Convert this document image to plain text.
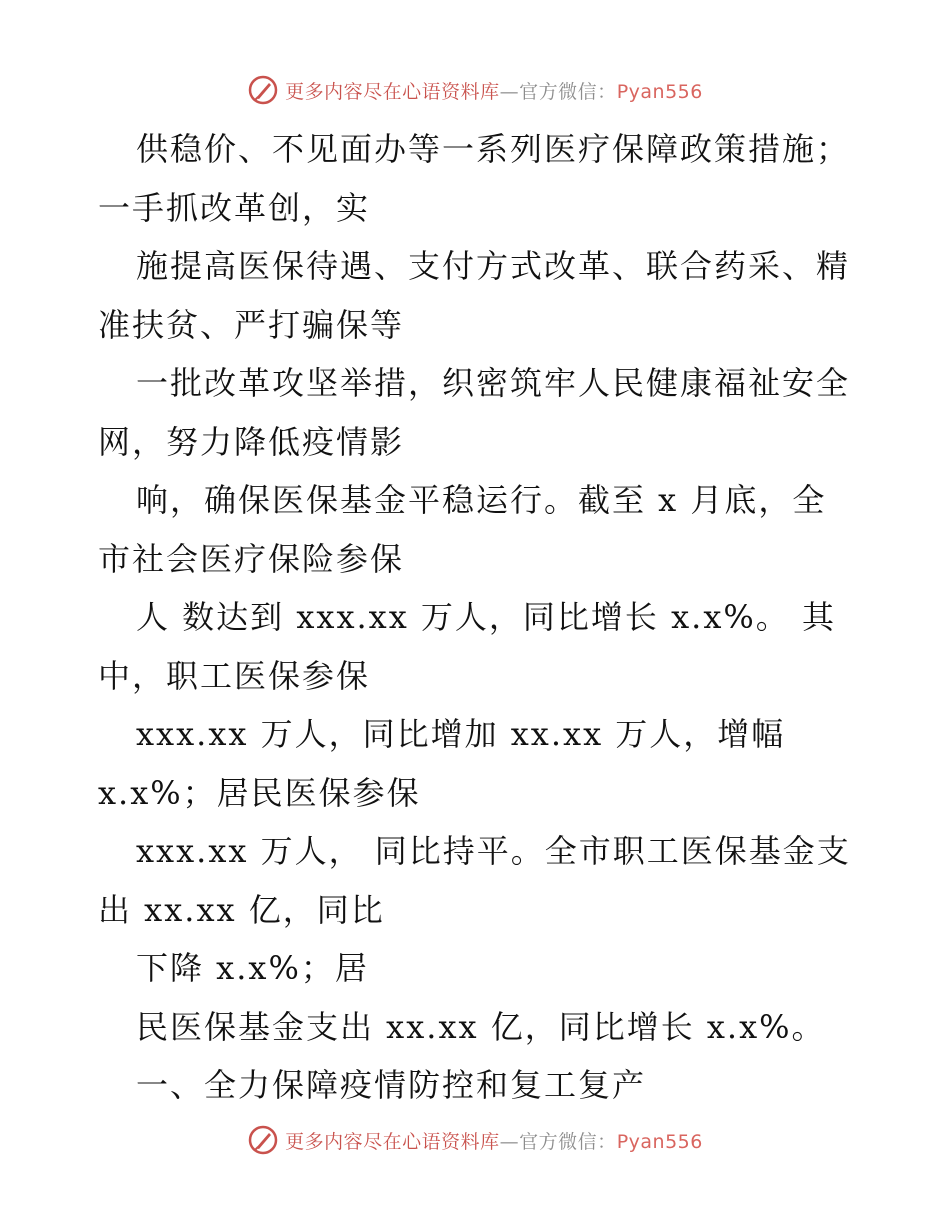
更多内容尽在心语资料库—官方微信：Pyan556
供稳价、不见面办等一系列医疗保障政策措施；
一手抓改革创，实
施提高医保待遇、支付方式改革、联合药采、精
准扶贫、严打骗保等
一批改革攻坚举措，织密筑牢人民健康福祉安全
网，努力降低疫情影
响，确保医保基金平稳运行。截至 x 月底，全
市社会医疗保险参保
人 数达到 xxx.xx 万人，同比增长 x.x%。 其
中，职工医保参保
xxx.xx 万人，同比增加 xx.xx 万人，增幅
x.x%；居民医保参保
xxx.xx 万人， 同比持平。全市职工医保基金支
出 xx.xx 亿，同比
下降 x.x%；居
民医保基金支出 xx.xx 亿，同比增长 x.x%。
一、全力保障疫情防控和复工复产
更多内容尽在心语资料库—官方微信：Pyan556
